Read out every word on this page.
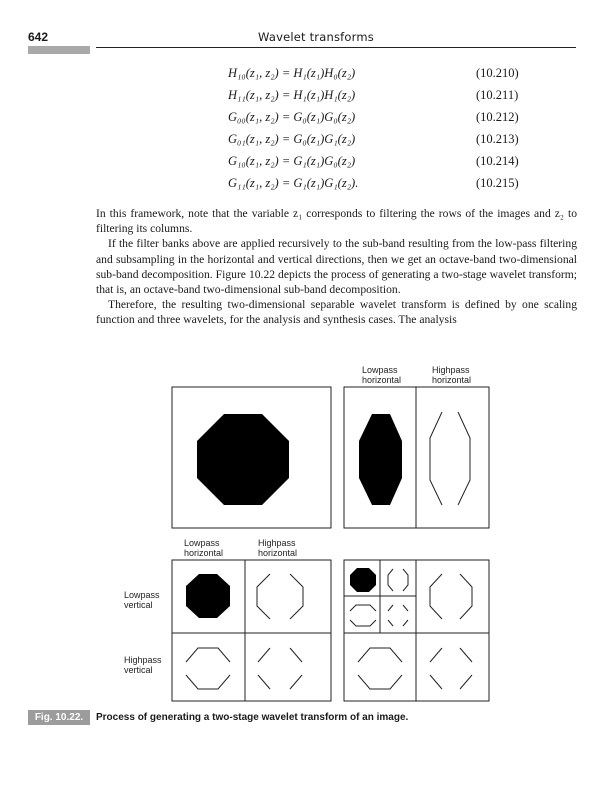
642	Wavelet transforms
H₁₀(z₁, z₂) = H₁(z₁)H₀(z₂)	(10.210)
H₁₁(z₁, z₂) = H₁(z₁)H₁(z₂)	(10.211)
G₀₀(z₁, z₂) = G₀(z₁)G₀(z₂)	(10.212)
G₀₁(z₁, z₂) = G₀(z₁)G₁(z₂)	(10.213)
G₁₀(z₁, z₂) = G₁(z₁)G₀(z₂)	(10.214)
G₁₁(z₁, z₂) = G₁(z₁)G₁(z₂).	(10.215)

In this framework, note that the variable z₁ corresponds to filtering the rows of the images and z₂ to filtering its columns.

If the filter banks above are applied recursively to the sub-band resulting from the low-pass filtering and subsampling in the horizontal and vertical directions, then we get an octave-band two-dimensional sub-band decomposition. Figure 10.22 depicts the process of generating a two-stage wavelet transform; that is, an octave-band two-dimensional sub-band decomposition.

Therefore, the resulting two-dimensional separable wavelet transform is defined by one scaling function and three wavelets, for the analysis and synthesis cases. The analysis

Lowpass horizontal
Highpass horizontal
Lowpass horizontal
Highpass horizontal
Lowpass vertical
Highpass vertical
Fig. 10.22.	Process of generating a two-stage wavelet transform of an image.
